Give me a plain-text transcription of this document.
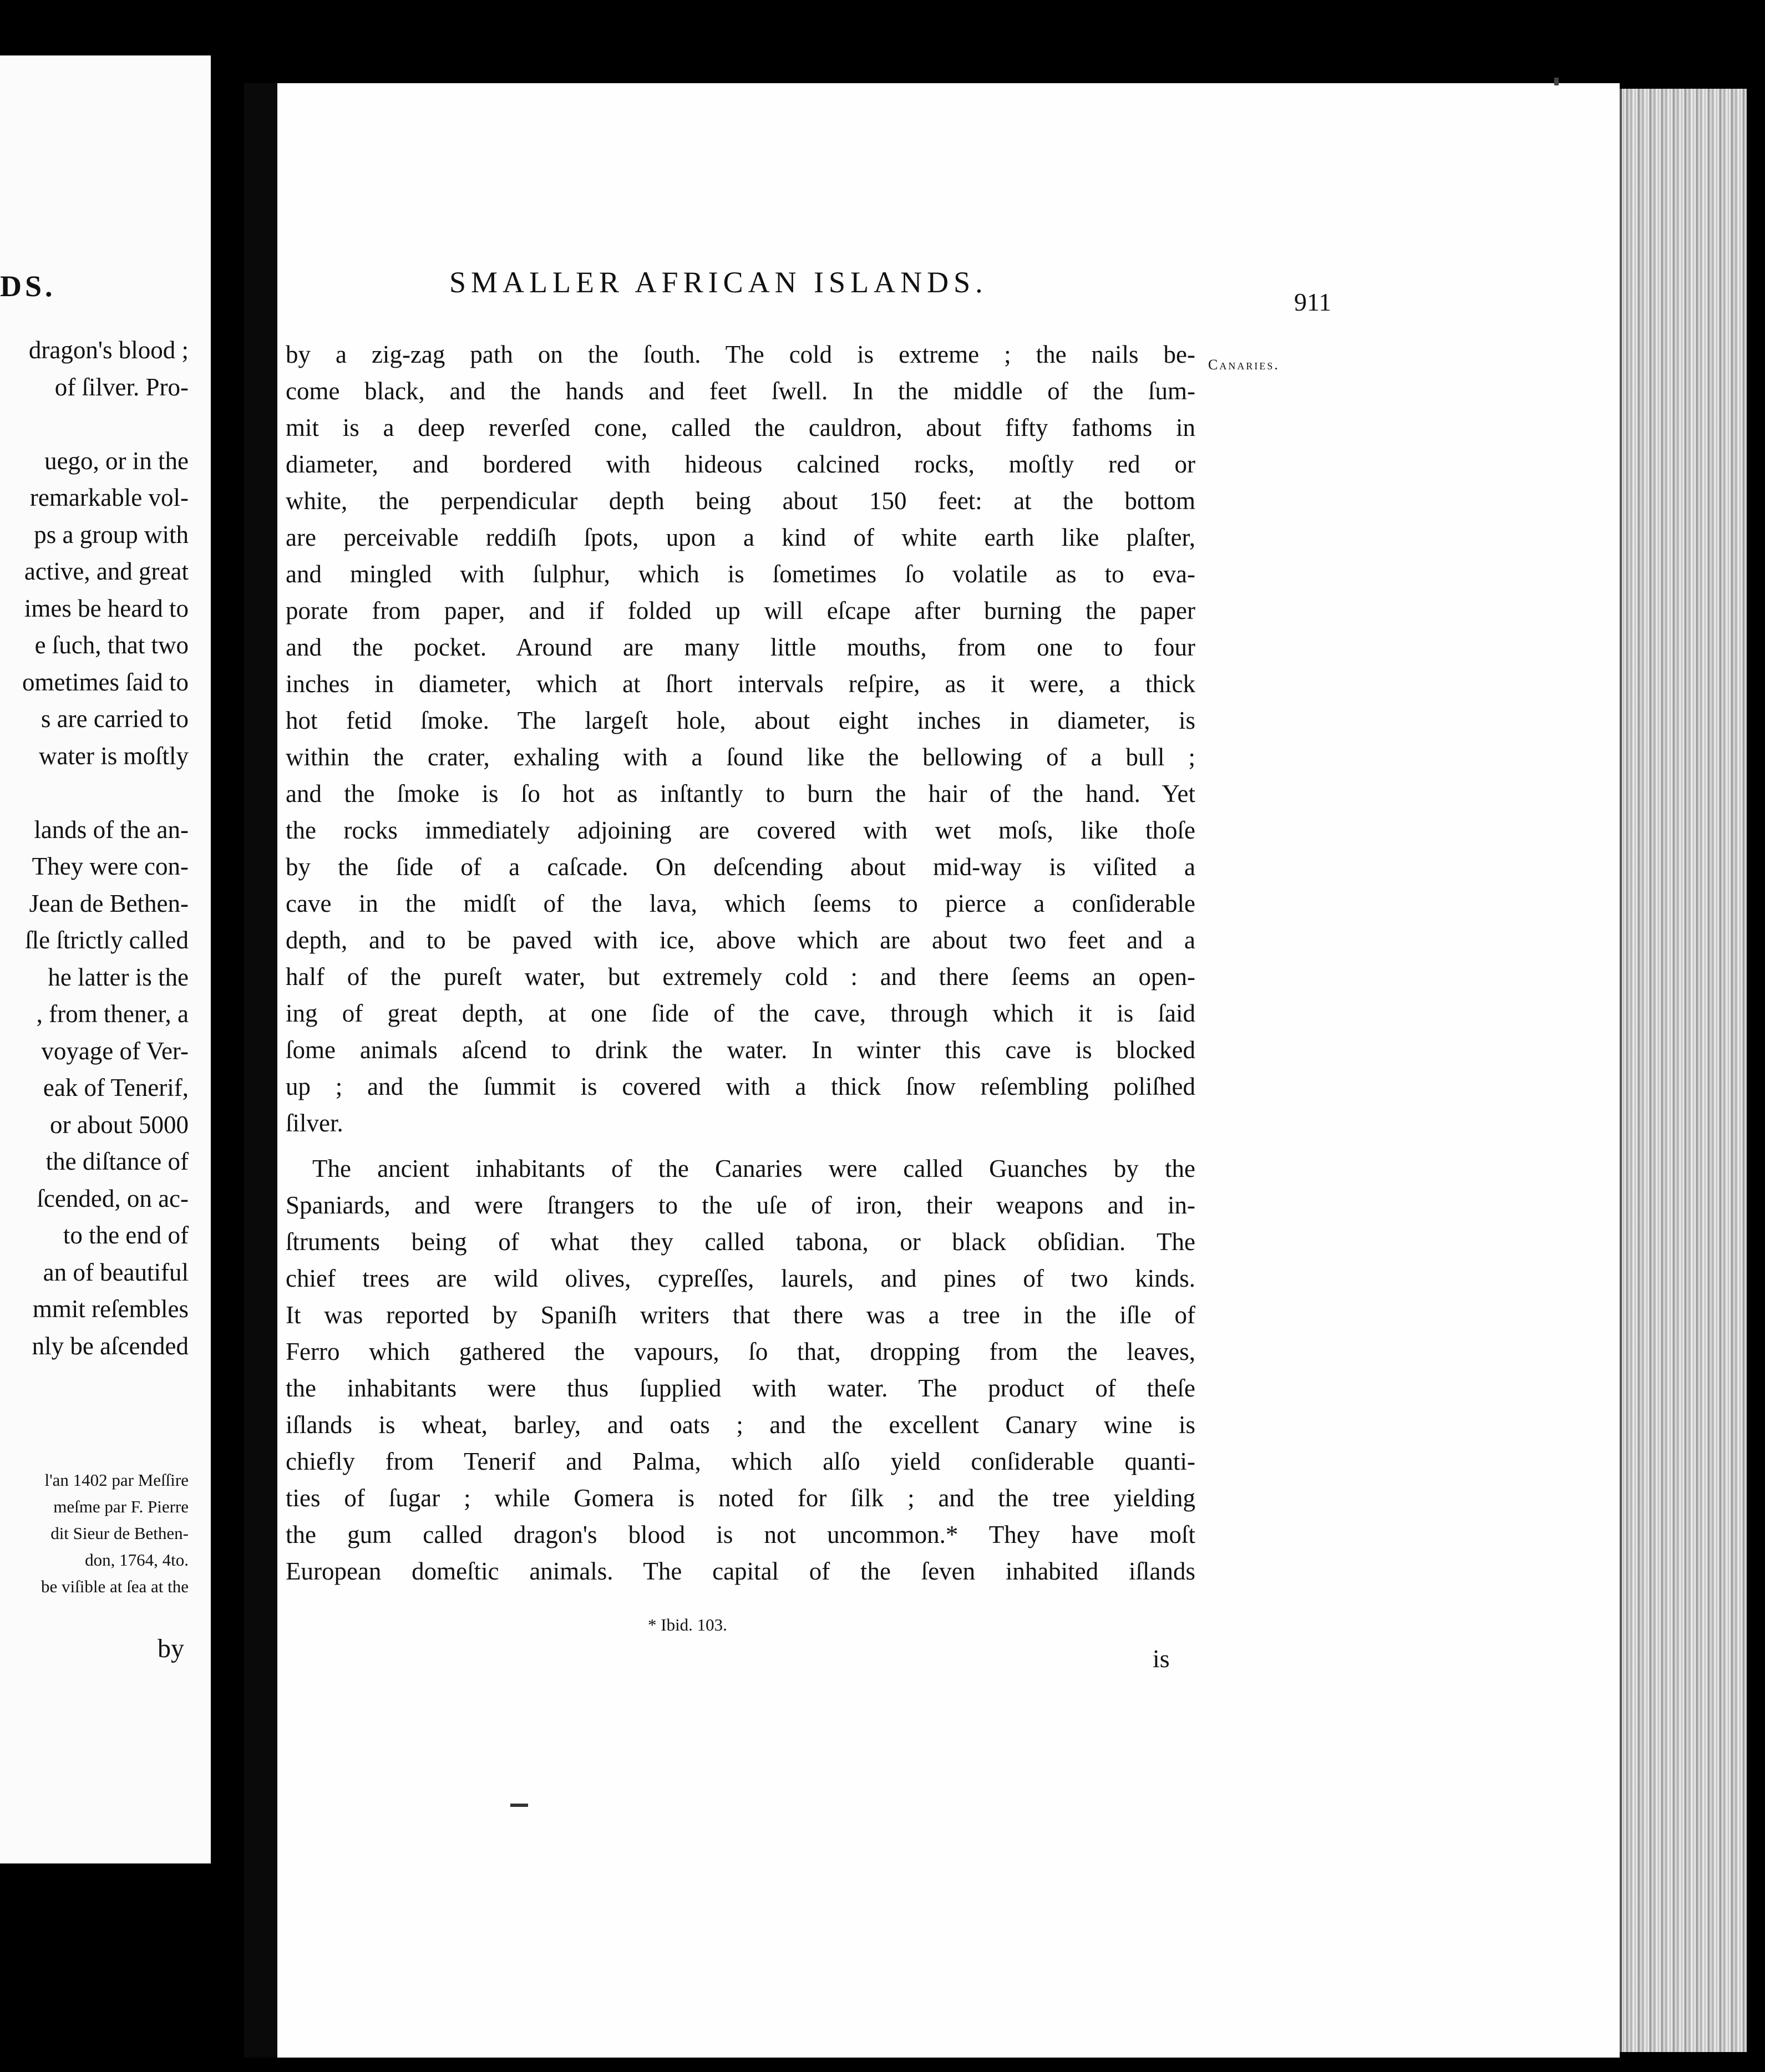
DS.
dragon's blood ;
of ſilver. Pro-
uego, or in the
remarkable vol-
ps a group with
active, and great
imes be heard to
e ſuch, that two
ometimes ſaid to
s are carried to
water is moſtly
lands of the an-
They were con-
Jean de Bethen-
ſle ſtrictly called
he latter is the
, from thener, a
voyage of Ver-
eak of Tenerif,
or about 5000
the diſtance of
ſcended, on ac-
to the end of
an of beautiful
mmit reſembles
nly be aſcended
l'an 1402 par Meſſire
meſme par F. Pierre
dit Sieur de Bethen-
don, 1764, 4to.
be viſible at ſea at the
by
SMALLER AFRICAN ISLANDS.
911
Canaries.
by a zig-zag path on the ſouth. The cold is extreme ; the nails be-
come black, and the hands and feet ſwell. In the middle of the ſum-
mit is a deep reverſed cone, called the cauldron, about fifty fathoms in
diameter, and bordered with hideous calcined rocks, moſtly red or
white, the perpendicular depth being about 150 feet: at the bottom
are perceivable reddiſh ſpots, upon a kind of white earth like plaſter,
and mingled with ſulphur, which is ſometimes ſo volatile as to eva-
porate from paper, and if folded up will eſcape after burning the paper
and the pocket. Around are many little mouths, from one to four
inches in diameter, which at ſhort intervals reſpire, as it were, a thick
hot fetid ſmoke. The largeſt hole, about eight inches in diameter, is
within the crater, exhaling with a ſound like the bellowing of a bull ;
and the ſmoke is ſo hot as inſtantly to burn the hair of the hand. Yet
the rocks immediately adjoining are covered with wet moſs, like thoſe
by the ſide of a caſcade. On deſcending about mid-way is viſited a
cave in the midſt of the lava, which ſeems to pierce a conſiderable
depth, and to be paved with ice, above which are about two feet and a
half of the pureſt water, but extremely cold : and there ſeems an open-
ing of great depth, at one ſide of the cave, through which it is ſaid
ſome animals aſcend to drink the water. In winter this cave is blocked
up ; and the ſummit is covered with a thick ſnow reſembling poliſhed
ſilver.
The ancient inhabitants of the Canaries were called Guanches by the
Spaniards, and were ſtrangers to the uſe of iron, their weapons and in-
ſtruments being of what they called tabona, or black obſidian. The
chief trees are wild olives, cypreſſes, laurels, and pines of two kinds.
It was reported by Spaniſh writers that there was a tree in the iſle of
Ferro which gathered the vapours, ſo that, dropping from the leaves,
the inhabitants were thus ſupplied with water. The product of theſe
iſlands is wheat, barley, and oats ; and the excellent Canary wine is
chiefly from Tenerif and Palma, which alſo yield conſiderable quanti-
ties of ſugar ; while Gomera is noted for ſilk ; and the tree yielding
the gum called dragon's blood is not uncommon.* They have moſt
European domeſtic animals. The capital of the ſeven inhabited iſlands
* Ibid. 103.
is
